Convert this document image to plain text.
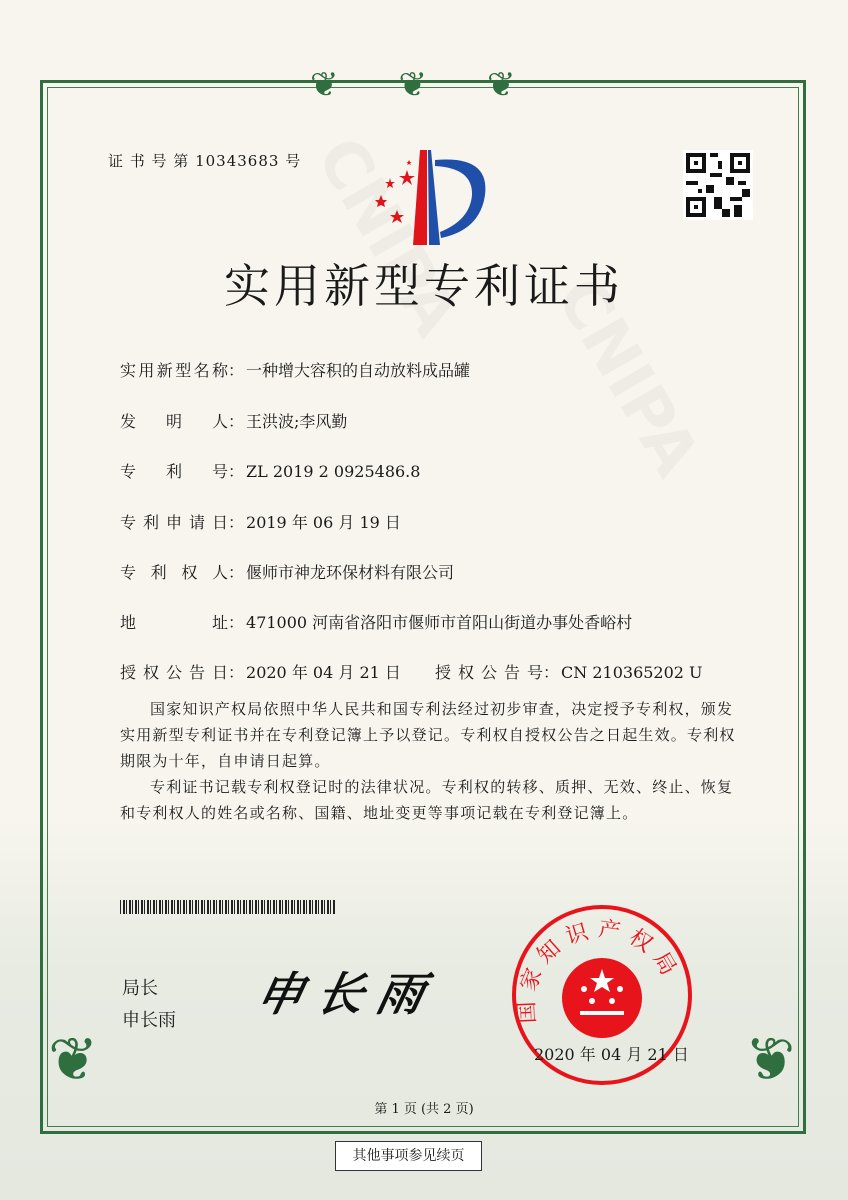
❦❦❦
❦	❦
证 书 号 第 10343683 号
实用新型专利证书
实用新型名称： 一种增大容积的自动放料成品罐
发 明 人： 王洪波;李风勤
专 利 号： ZL 2019 2 0925486.8
专利申请日： 2019 年 06 月 19 日
专 利 权 人： 偃师市神龙环保材料有限公司
地 址： 471000 河南省洛阳市偃师市首阳山街道办事处香峪村
授权公告日： 2020 年 04 月 21 日 授权公告号： CN 210365202 U

国家知识产权局依照中华人民共和国专利法经过初步审查，决定授予专利权，颁发实用新型专利证书并在专利登记簿上予以登记。专利权自授权公告之日起生效。专利权期限为十年，自申请日起算。

专利证书记载专利权登记时的法律状况。专利权的转移、质押、无效、终止、恢复和专利权人的姓名或名称、国籍、地址变更等事项记载在专利登记簿上。

局长
申长雨 申长雨	国家知识产权局
2020 年 04 月 21 日
第 1 页 (共 2 页)
其他事项参见续页
